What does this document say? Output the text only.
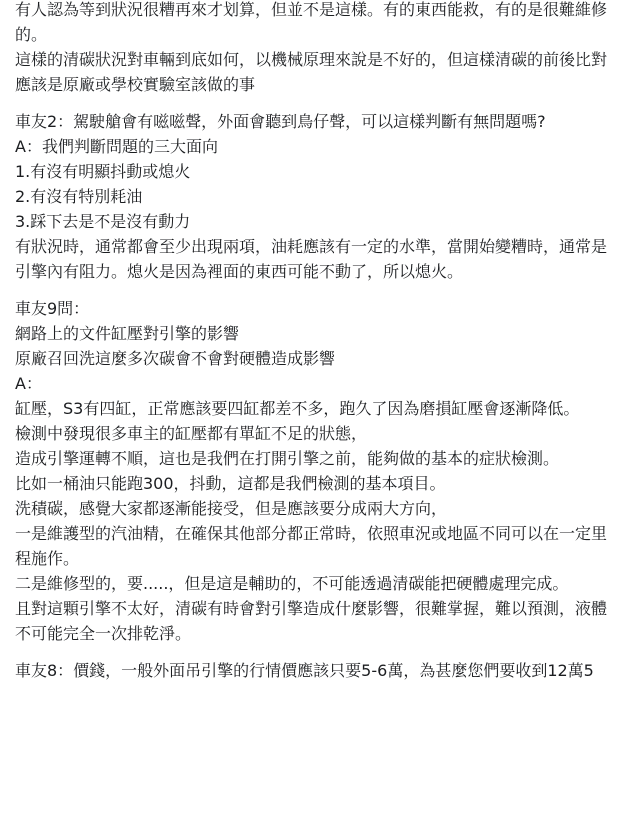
有人認為等到狀況很糟再來才划算，但並不是這樣。有的東西能救，有的是很難維修的。

這樣的清碳狀況對車輛到底如何，以機械原理來說是不好的，但這樣清碳的前後比對應該是原廠或學校實驗室該做的事

車友2：駕駛艙會有嗞嗞聲，外面會聽到鳥仔聲，可以這樣判斷有無問題嗎?

A：我們判斷問題的三大面向

1.有沒有明顯抖動或熄火

2.有沒有特別耗油

3.踩下去是不是沒有動力

有狀況時，通常都會至少出現兩項，油耗應該有一定的水準，當開始變糟時，通常是引擎內有阻力。熄火是因為裡面的東西可能不動了，所以熄火。

車友9問：

網路上的文件缸壓對引擎的影響

原廠召回洗這麼多次碳會不會對硬體造成影響

A：

缸壓，S3有四缸，正常應該要四缸都差不多，跑久了因為磨損缸壓會逐漸降低。

檢測中發現很多車主的缸壓都有單缸不足的狀態，

造成引擎運轉不順，這也是我們在打開引擎之前，能夠做的基本的症狀檢測。

比如一桶油只能跑300，抖動，這都是我們檢測的基本項目。

洗積碳，感覺大家都逐漸能接受，但是應該要分成兩大方向，

一是維護型的汽油精，在確保其他部分都正常時，依照車況或地區不同可以在一定里程施作。

二是維修型的，要.....，但是這是輔助的，不可能透過清碳能把硬體處理完成。

且對這顆引擎不太好，清碳有時會對引擎造成什麼影響，很難掌握，難以預測，液體不可能完全一次排乾淨。

車友8：價錢，一般外面吊引擎的行情價應該只要5-6萬，為甚麼您們要收到12萬5
